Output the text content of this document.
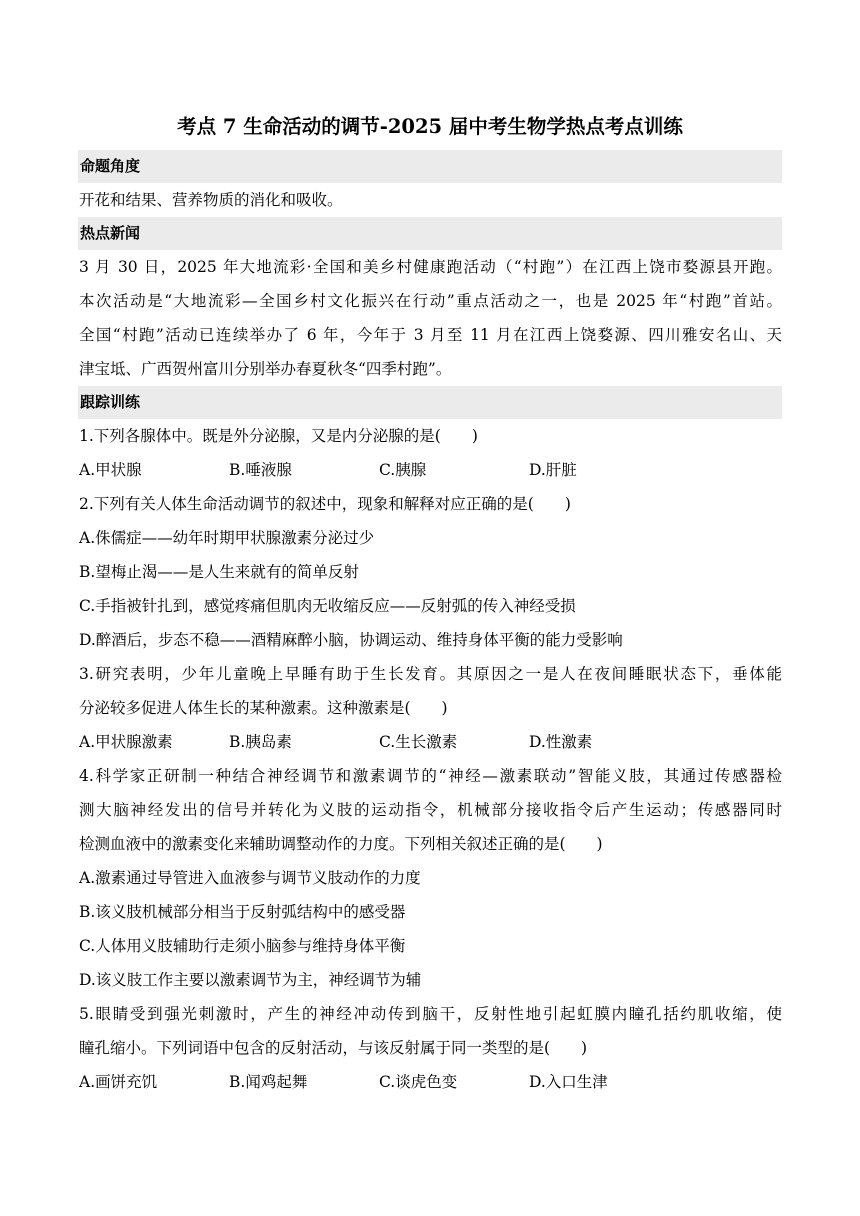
考点 7 生命活动的调节-2025 届中考生物学热点考点训练
命题角度
开花和结果、营养物质的消化和吸收。
热点新闻
3 月 30 日，2025 年大地流彩·全国和美乡村健康跑活动（“村跑”）在江西上饶市婺源县开跑。
本次活动是“大地流彩—全国乡村文化振兴在行动”重点活动之一，也是 2025 年“村跑”首站。
全国“村跑”活动已连续举办了 6 年，今年于 3 月至 11 月在江西上饶婺源、四川雅安名山、天
津宝坻、广西贺州富川分别举办春夏秋冬“四季村跑”。
跟踪训练
1.下列各腺体中。既是外分泌腺，又是内分泌腺的是(　　)
A.甲状腺	B.唾液腺	C.胰腺	D.肝脏
2.下列有关人体生命活动调节的叙述中，现象和解释对应正确的是(　　)
A.侏儒症——幼年时期甲状腺激素分泌过少
B.望梅止渴——是人生来就有的简单反射
C.手指被针扎到，感觉疼痛但肌肉无收缩反应——反射弧的传入神经受损
D.醉酒后，步态不稳——酒精麻醉小脑，协调运动、维持身体平衡的能力受影响
3.研究表明，少年儿童晚上早睡有助于生长发育。其原因之一是人在夜间睡眠状态下，垂体能
分泌较多促进人体生长的某种激素。这种激素是(　　)
A.甲状腺激素	B.胰岛素	C.生长激素	D.性激素
4.科学家正研制一种结合神经调节和激素调节的“神经—激素联动”智能义肢，其通过传感器检
测大脑神经发出的信号并转化为义肢的运动指令，机械部分接收指令后产生运动；传感器同时
检测血液中的激素变化来辅助调整动作的力度。下列相关叙述正确的是(　　)
A.激素通过导管进入血液参与调节义肢动作的力度
B.该义肢机械部分相当于反射弧结构中的感受器
C.人体用义肢辅助行走须小脑参与维持身体平衡
D.该义肢工作主要以激素调节为主，神经调节为辅
5.眼睛受到强光刺激时，产生的神经冲动传到脑干，反射性地引起虹膜内瞳孔括约肌收缩，使
瞳孔缩小。下列词语中包含的反射活动，与该反射属于同一类型的是(　　)
A.画饼充饥	B.闻鸡起舞	C.谈虎色变	D.入口生津
